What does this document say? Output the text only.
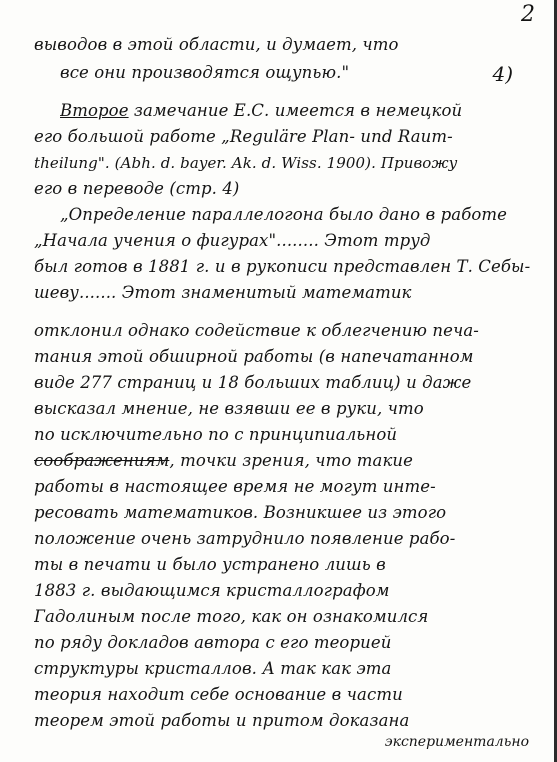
2
4)
выводов в этой области, и думает, что
все они производятся ощупью."
Второе замечание Е.С. имеется в немецкой
его большой работе „Reguläre Plan- und Raum-
theilung". (Abh. d. bayer. Ak. d. Wiss. 1900). Привожу
его в переводе (стр. 4)
„Определение параллелогона было дано в работе
„Начала учения о фигурах"........ Этот труд
был готов в 1881 г. и в рукописи представлен Т. Себы-
шеву....... Этот знаменитый математик
отклонил однако содействие к облегчению печа-
тания этой обширной работы (в напечатанном
виде 277 страниц и 18 больших таблиц) и даже
высказал мнение, не взявши ее в руки, что
по исключительно по с принципиальной
соображениям, точки зрения, что такие
работы в настоящее время не могут инте-
ресовать математиков. Возникшее из этого
положение очень затруднило появление рабо-
ты в печати и было устранено лишь в
1883 г. выдающимся кристаллографом
Гадолиным после того, как он ознакомился
по ряду докладов автора с его теорией
структуры кристаллов. А так как эта
теория находит себе основание в части
теорем этой работы и притом доказана
экспериментально
